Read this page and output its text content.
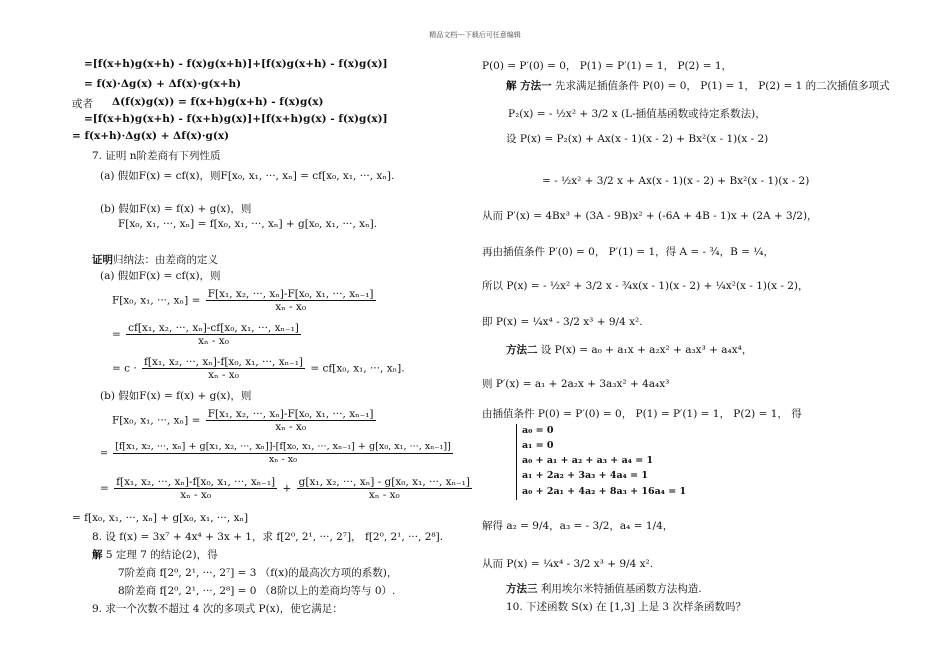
精品文档---下载后可任意编辑
=[f(x+h)g(x+h) - f(x)g(x+h)]+[f(x)g(x+h) - f(x)g(x)]
= f(x)·Δg(x) + Δf(x)·g(x+h)
或者 Δ(f(x)g(x)) = f(x+h)g(x+h) - f(x)g(x)
=[f(x+h)g(x+h) - f(x+h)g(x)]+[f(x+h)g(x) - f(x)g(x)]
= f(x+h)·Δg(x) + Δf(x)·g(x)
7. 证明 n阶差商有下列性质
(a) 假如F(x) = cf(x)，则F[x₀, x₁, ···, xₙ] = cf[x₀, x₁, ···, xₙ].
(b) 假如F(x) = f(x) + g(x)，则
F[x₀, x₁, ···, xₙ] = f[x₀, x₁, ···, xₙ] + g[x₀, x₁, ···, xₙ].
证明归纳法：由差商的定义
(a) 假如F(x) = cf(x)，则
F[x₀, x₁, ···, $x_n] = \frac{\text{F[x₁, x₂, ···, xₙ]-F[x₀, x₁, ···, xₙ₋₁]}}{\text{xₙ - x₀}}$
= $\frac{\text{cf[x₁, x₂, ···, xₙ]-cf[x₀, x₁, ···, xₙ₋₁]}}{\text{xₙ - x₀}}$
= $c \cdot \frac{\text{f[x₁, x₂, ···, xₙ]-f[x₀, x₁, ···, xₙ₋₁]}}{\text{xₙ - x₀}} = cf[x_0$, x₁, ···, xₙ].
(b) 假如F(x) = f(x) + g(x)，则
F[x₀, x₁, ···, $x_n] = \frac{\text{F[x₁, x₂, ···, xₙ]-F[x₀, x₁, ···, xₙ₋₁]}}{\text{xₙ - x₀}}$
=
[f[x₁, x₂, ···, xₙ] + g[x₁, x₂, ···, xₙ]]-[f[x₀, x₁, ···, xₙ₋₁] + g[x₀, x₁, ···, xₙ₋₁]]
xₙ - x₀
= $\frac{\text{f[x₁, x₂, ···, xₙ]-f[x₀, x₁, ···, xₙ₋₁]}}{\text{xₙ - x₀}} + \frac{\text{g[x₁, x₂, ···, xₙ] - g[x₀, x₁, ···, xₙ₋₁]}}{\text{xₙ - x₀}}$
= f[x₀, x₁, ···, xₙ] + g[x₀, x₁, ···, xₙ]
8. 设 f(x) = 3x⁷ + 4x⁴ + 3x + 1，求 f[2⁰, 2¹, ···, 2⁷]， f[2⁰, 2¹, ···, 2⁸].
解 5 定理 7 的结论(2)，得
7阶差商 f[2⁰, 2¹, ···, 2⁷] = 3 （f(x)的最高次方项的系数)，
8阶差商 f[2⁰, 2¹, ···, 2⁸] = 0 （8阶以上的差商均等与 0）.
9. 求一个次数不超过 4 次的多项式 P(x)，使它满足：
P(0) = P′(0) = 0， P(1) = P′(1) = 1， P(2) = 1，
解 方法一 先求满足插值条件 P(0) = 0， P(1) = 1， P(2) = 1 的二次插值多项式
P₂(x) = - ½x² + 3/2 x (L-插值基函数或待定系数法)，
设 P(x) = P₂(x) + Ax(x - 1)(x - 2) + Bx²(x - 1)(x - 2)
= - ½x² + 3/2 x + Ax(x - 1)(x - 2) + Bx²(x - 1)(x - 2)
从而 P′(x) = 4Bx³ + (3A - 9B)x² + (-6A + 4B - 1)x + (2A + 3/2)，
再由插值条件 P′(0) = 0， P′(1) = 1，得 A = - ¾，B = ¼，
所以 P(x) = - ½x² + 3/2 x - ¾x(x - 1)(x - 2) + ¼x²(x - 1)(x - 2)，
即 P(x) = ¼x⁴ - 3/2 x³ + 9/4 x².
方法二 设 P(x) = a₀ + a₁x + a₂x² + a₃x³ + a₄x⁴，
则 P′(x) = a₁ + 2a₂x + 3a₃x² + 4a₄x³
由插值条件 P(0) = P′(0) = 0， P(1) = P′(1) = 1， P(2) = 1， 得
a₀ = 0
a₁ = 0
a₀ + a₁ + a₂ + a₃ + a₄ = 1
a₁ + 2a₂ + 3a₃ + 4a₄ = 1
a₀ + 2a₁ + 4a₂ + 8a₃ + 16a₄ = 1
解得 a₂ = 9/4，a₃ = - 3/2，a₄ = 1/4，
从而 P(x) = ¼x⁴ - 3/2 x³ + 9/4 x².
方法三 利用埃尔米特插值基函数方法构造.
10. 下述函数 S(x) 在 [1,3] 上是 3 次样条函数吗？
